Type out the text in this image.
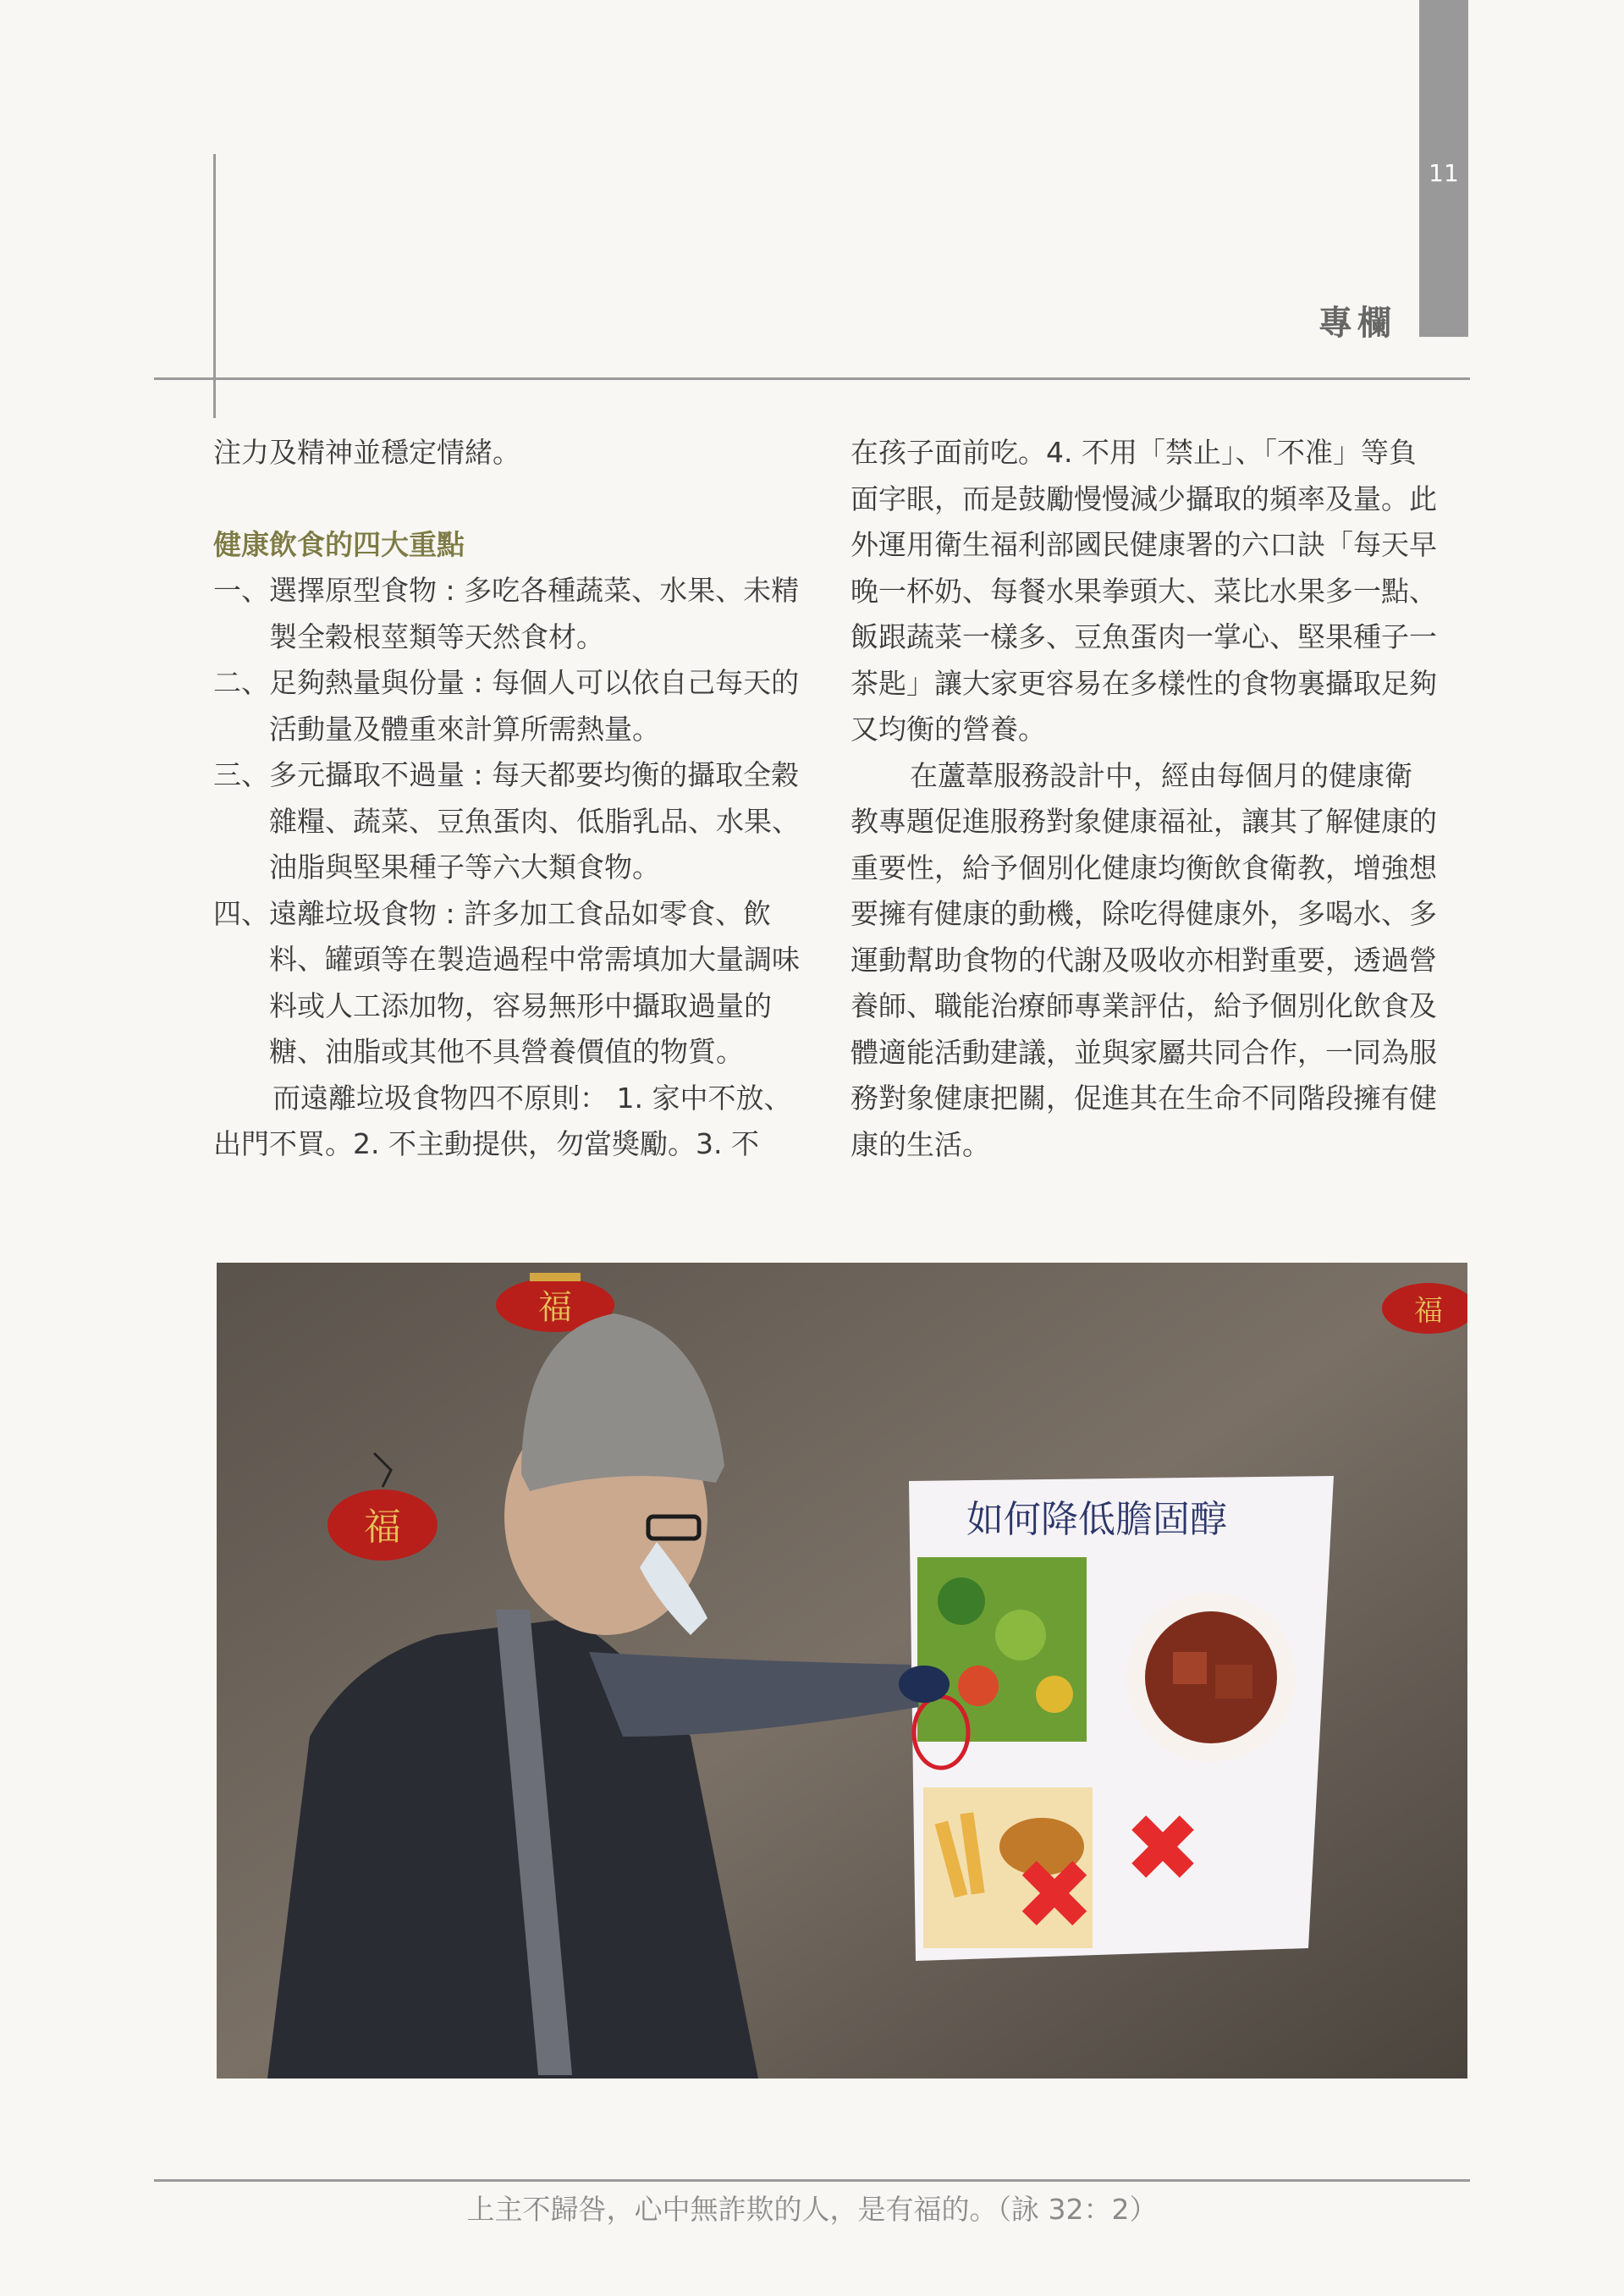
11
專欄

注力及精神並穩定情緒。

健康飲食的四大重點

一、 選擇原型食物 : 多吃各種蔬菜、水果、未精製全穀根莖類等天然食材。
二、 足夠熱量與份量 : 每個人可以依自己每天的活動量及體重來計算所需熱量。
三、 多元攝取不過量 : 每天都要均衡的攝取全穀雜糧、蔬菜、豆魚蛋肉、低脂乳品、水果、油脂與堅果種子等六大類食物。
四、 遠離垃圾食物 : 許多加工食品如零食、飲料、罐頭等在製造過程中常需填加大量調味料或人工添加物，容易無形中攝取過量的糖、油脂或其他不具營養價值的物質。

而遠離垃圾食物四不原則： 1. 家中不放、出門不買。2. 不主動提供，勿當獎勵。3. 不

在孩子面前吃。4. 不用「禁止」、「不准」等負面字眼，而是鼓勵慢慢減少攝取的頻率及量。此外運用衛生福利部國民健康署的六口訣「每天早晚一杯奶、每餐水果拳頭大、菜比水果多一點、飯跟蔬菜一樣多、豆魚蛋肉一掌心、堅果種子一茶匙」讓大家更容易在多樣性的食物裏攝取足夠又均衡的營養。

在蘆葦服務設計中，經由每個月的健康衛教專題促進服務對象健康福祉，讓其了解健康的重要性，給予個別化健康均衡飲食衛教，增強想要擁有健康的動機，除吃得健康外，多喝水、多運動幫助食物的代謝及吸收亦相對重要，透過營養師、職能治療師專業評估，給予個別化飲食及體適能活動建議，並與家屬共同合作，一同為服務對象健康把關，促進其在生命不同階段擁有健康的生活。

福	福
福	如何降低膽固醇
上主不歸咎，心中無詐欺的人，是有福的。（詠 32：2）
